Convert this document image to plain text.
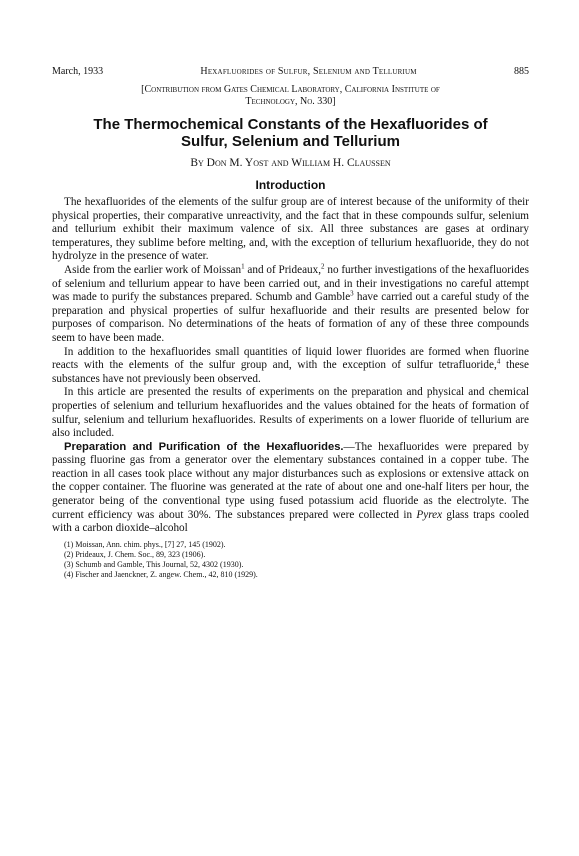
March, 1933	Hexafluorides of Sulfur, Selenium and Tellurium	885
[Contribution from Gates Chemical Laboratory, California Institute of
Technology, No. 330]
The Thermochemical Constants of the Hexafluorides of
Sulfur, Selenium and Tellurium
By Don M. Yost and William H. Claussen
Introduction

The hexafluorides of the elements of the sulfur group are of interest because of the uniformity of their physical properties, their comparative unreactivity, and the fact that in these compounds sulfur, selenium and tellurium exhibit their maximum valence of six. All three substances are gases at ordinary temperatures, they sublime before melting, and, with the exception of tellurium hexafluoride, they do not hydrolyze in the presence of water.

Aside from the earlier work of Moissan$^1$ and of Prideaux,$^2$ no further investigations of the hexafluorides of selenium and tellurium appear to have been carried out, and in their investigations no careful attempt was made to purify the substances prepared. Schumb and Gamble$^3$ have carried out a careful study of the preparation and physical properties of sulfur hexafluoride and their results are presented below for purposes of comparison. No determinations of the heats of formation of any of these three compounds seem to have been made.

In addition to the hexafluorides small quantities of liquid lower fluorides are formed when fluorine reacts with the elements of the sulfur group and, with the exception of sulfur tetrafluoride,$^4$ these substances have not previously been observed.

In this article are presented the results of experiments on the preparation and physical and chemical properties of selenium and tellurium hexafluorides and the values obtained for the heats of formation of sulfur, selenium and tellurium hexafluorides. Results of experiments on a lower fluoride of tellurium are also included.

Preparation and Purification of the Hexafluorides.—The hexafluorides were prepared by passing fluorine gas from a generator over the elementary substances contained in a copper tube. The reaction in all cases took place without any major disturbances such as explosions or extensive attack on the copper container. The fluorine was generated at the rate of about one and one-half liters per hour, the generator being of the conventional type using fused potassium acid fluoride as the electrolyte. The current efficiency was about 30%. The substances prepared were collected in Pyrex glass traps cooled with a carbon dioxide–alcohol

(1) Moissan, Ann. chim. phys., [7] 27, 145 (1902).
(2) Prideaux, J. Chem. Soc., 89, 323 (1906).
(3) Schumb and Gamble, This Journal, 52, 4302 (1930).
(4) Fischer and Jaenckner, Z. angew. Chem., 42, 810 (1929).
